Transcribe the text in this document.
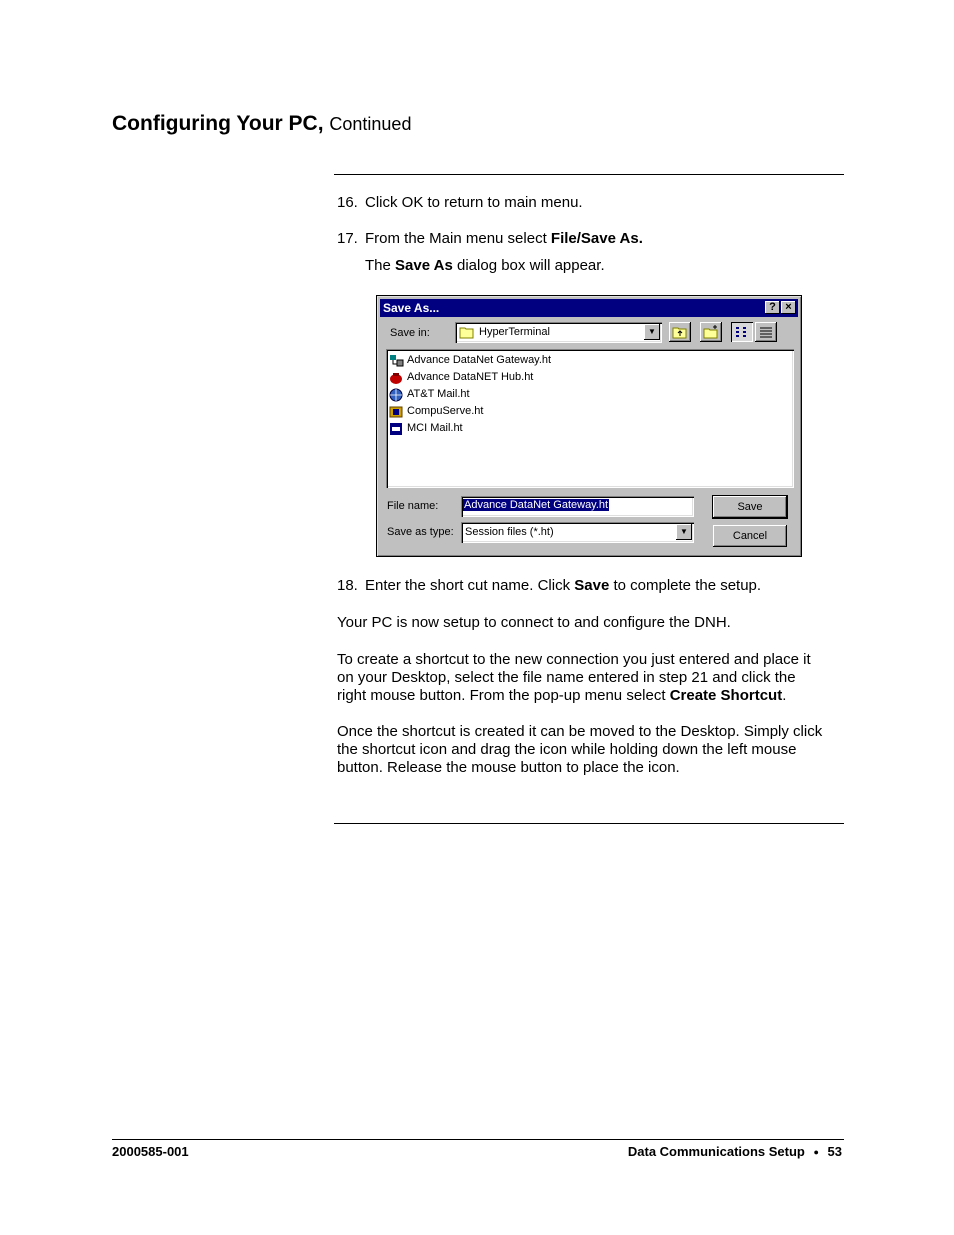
Configuring Your PC, Continued
16. Click OK to return to main menu.
17. From the Main menu select File/Save As.
The Save As dialog box will appear.
Save As...	? ×
Save in:	HyperTerminal	▼
Advance DataNet Gateway.ht
Advance DataNET Hub.ht
AT&T Mail.ht
CompuServe.ht
MCI Mail.ht
File name: Advance DataNet Gateway.ht
Save as type: Session files (*.ht)	▼
Save
Cancel
18. Enter the short cut name. Click Save to complete the setup.
Your PC is now setup to connect to and configure the DNH.
To create a shortcut to the new connection you just entered and place it
on your Desktop, select the file name entered in step 21 and click the
right mouse button. From the pop-up menu select Create Shortcut.
Once the shortcut is created it can be moved to the Desktop. Simply click
the shortcut icon and drag the icon while holding down the left mouse
button. Release the mouse button to place the icon.
2000585-001	Data Communications Setup ● 53
